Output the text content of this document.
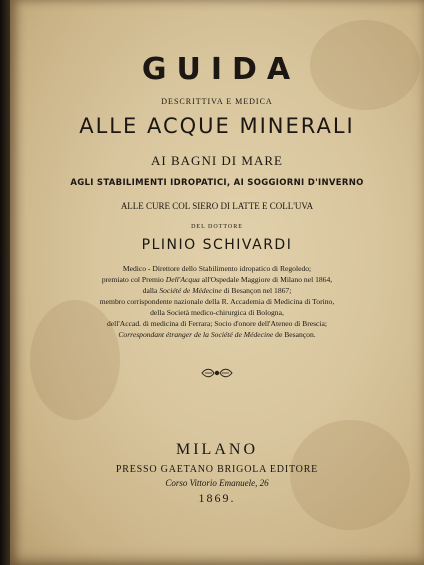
GUIDA

DESCRITTIVA E MEDICA

ALLE ACQUE MINERALI

AI BAGNI DI MARE

AGLI STABILIMENTI IDROPATICI, AI SOGGIORNI D'INVERNO

ALLE CURE COL SIERO DI LATTE E COLL'UVA

DEL DOTTORE

PLINIO SCHIVARDI

Medico - Direttore dello Stabilimento idropatico di Regoledo;
premiato col Premio Dell'Acqua all'Ospedale Maggiore di Milano nel 1864,
dalla Société de Médecine di Besançon nel 1867;
membro corrispondente nazionale della R. Accademia di Medicina di Torino,
della Società medico-chirurgica di Bologna,
dell'Accad. di medicina di Ferrara; Socio d'onore dell'Ateneo di Brescia;
Correspondant étranger de la Société de Médecine de Besançon.

MILANO

PRESSO GAETANO BRIGOLA EDITORE

Corso Vittorio Emanuele, 26

1869.
